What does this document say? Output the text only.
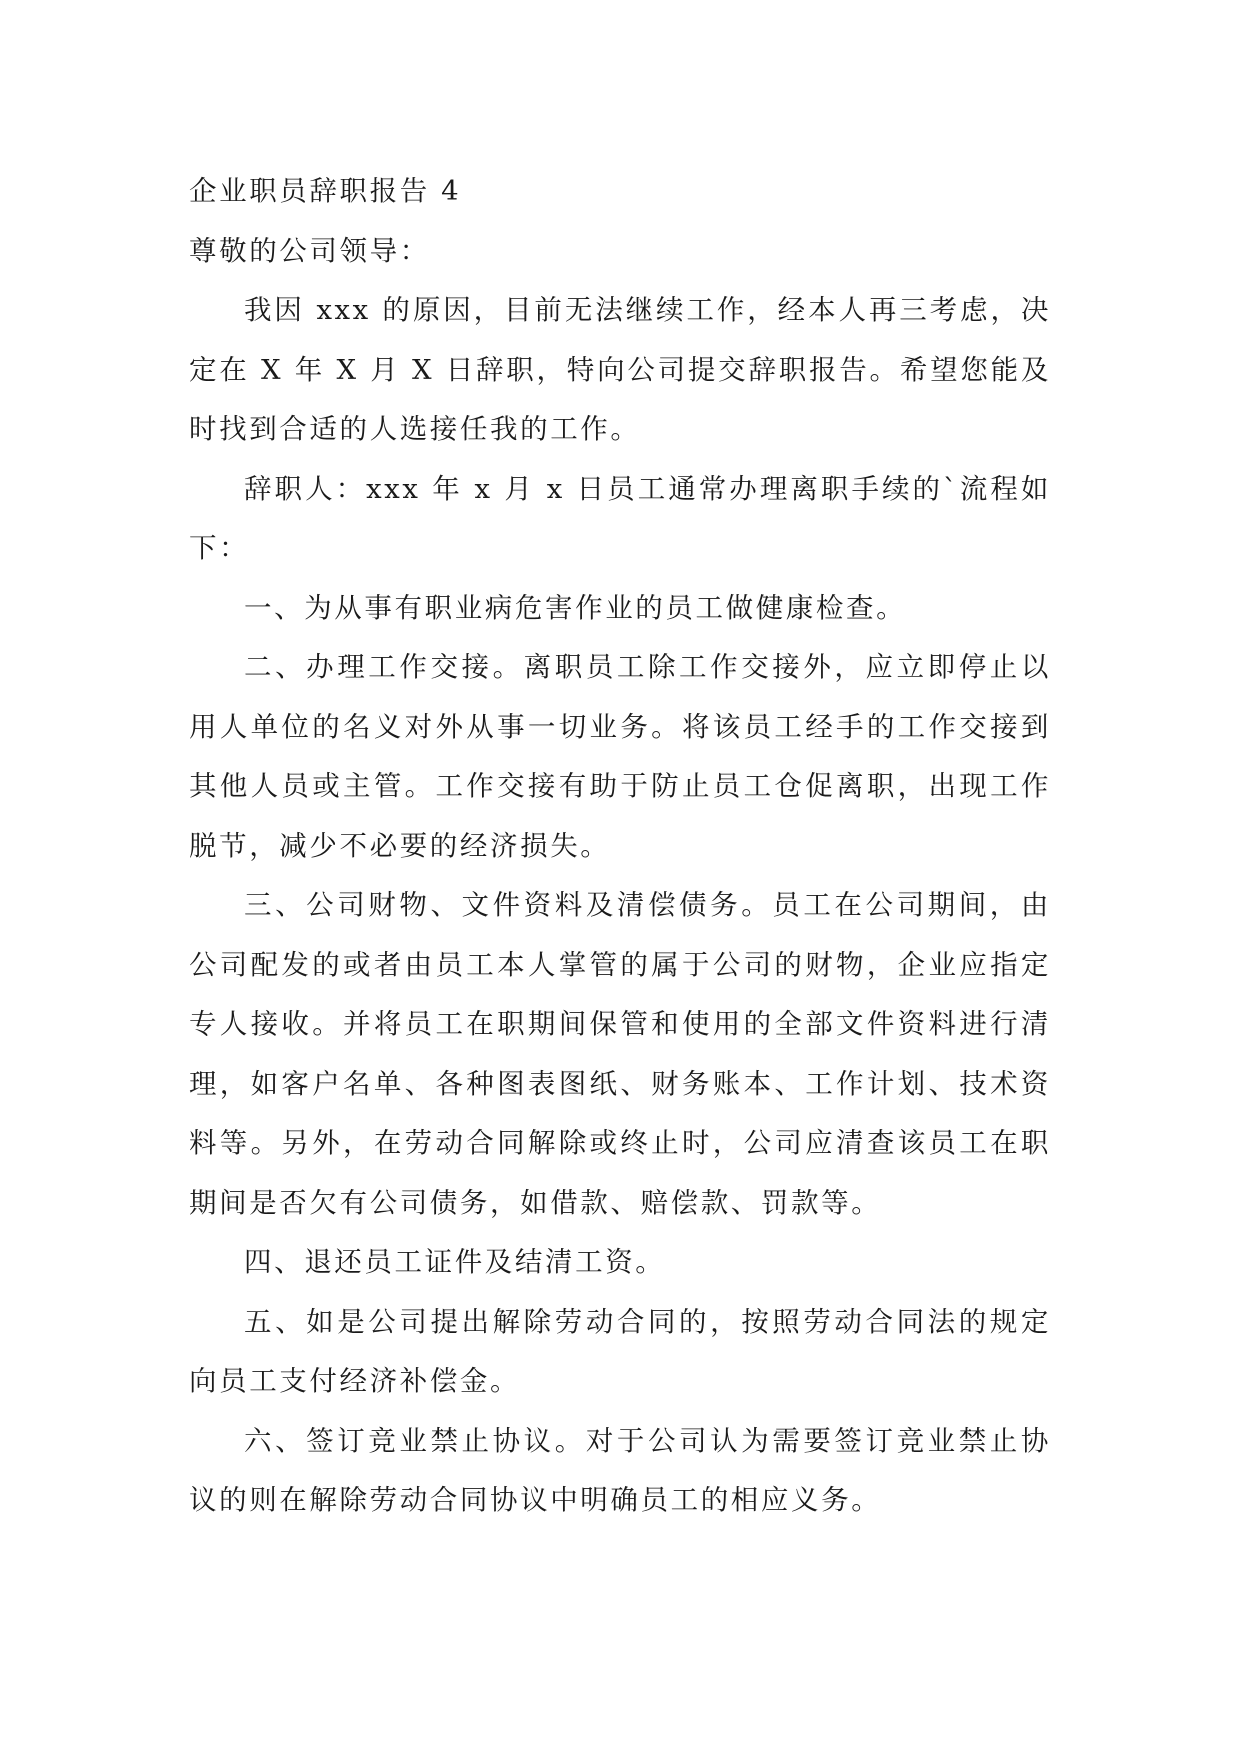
企业职员辞职报告 4

尊敬的公司领导：

我因 xxx 的原因，目前无法继续工作，经本人再三考虑，决定在 X 年 X 月 X 日辞职，特向公司提交辞职报告。希望您能及时找到合适的人选接任我的工作。

辞职人：xxx 年 x 月 x 日员工通常办理离职手续的`流程如下：

一、为从事有职业病危害作业的员工做健康检查。

二、办理工作交接。离职员工除工作交接外，应立即停止以用人单位的名义对外从事一切业务。将该员工经手的工作交接到其他人员或主管。工作交接有助于防止员工仓促离职，出现工作脱节，减少不必要的经济损失。

三、公司财物、文件资料及清偿债务。员工在公司期间，由公司配发的或者由员工本人掌管的属于公司的财物，企业应指定专人接收。并将员工在职期间保管和使用的全部文件资料进行清理，如客户名单、各种图表图纸、财务账本、工作计划、技术资料等。另外，在劳动合同解除或终止时，公司应清查该员工在职期间是否欠有公司债务，如借款、赔偿款、罚款等。

四、退还员工证件及结清工资。

五、如是公司提出解除劳动合同的，按照劳动合同法的规定向员工支付经济补偿金。

六、签订竞业禁止协议。对于公司认为需要签订竞业禁止协议的则在解除劳动合同协议中明确员工的相应义务。
